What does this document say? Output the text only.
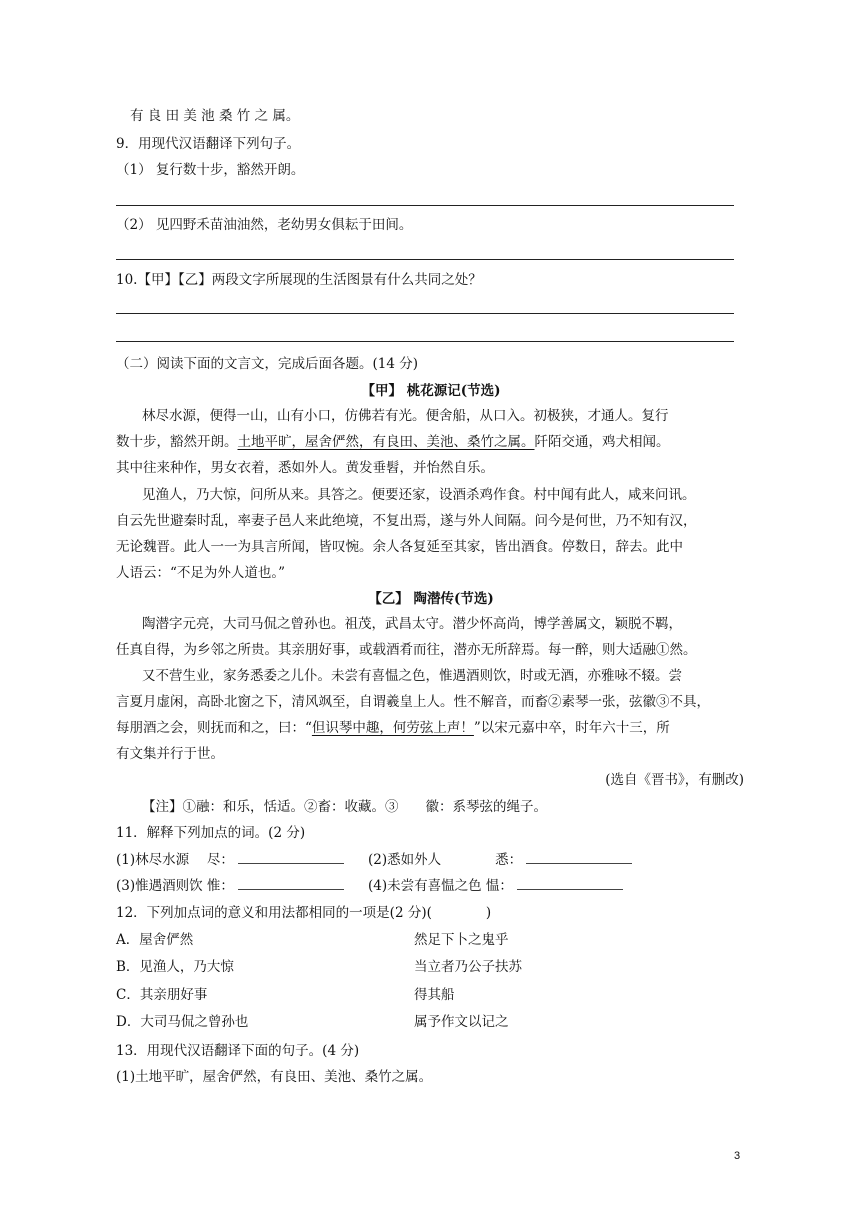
有 良 田 美 池 桑 竹 之 属。
9．用现代汉语翻译下列句子。
（1） 复行数十步，豁然开朗。
（2） 见四野禾苗油油然，老幼男女俱耘于田间。
10.【甲】【乙】两段文字所展现的生活图景有什么共同之处？
（二）阅读下面的文言文，完成后面各题。(14 分)
【甲】 桃花源记(节选)
林尽水源，便得一山，山有小口，仿佛若有光。便舍船，从口入。初极狭，才通人。复行
数十步，豁然开朗。土地平旷，屋舍俨然，有良田、美池、桑竹之属。阡陌交通，鸡犬相闻。
其中往来种作，男女衣着，悉如外人。黄发垂髫，并怡然自乐。
见渔人，乃大惊，问所从来。具答之。便要还家，设酒杀鸡作食。村中闻有此人，咸来问讯。
自云先世避秦时乱，率妻子邑人来此绝境，不复出焉，遂与外人间隔。问今是何世，乃不知有汉，
无论魏晋。此人一一为具言所闻，皆叹惋。余人各复延至其家，皆出酒食。停数日，辞去。此中
人语云：“不足为外人道也。”
【乙】 陶潜传(节选)
陶潜字元亮，大司马侃之曾孙也。祖茂，武昌太守。潜少怀高尚，博学善属文，颖脱不羁，
任真自得，为乡邻之所贵。其亲朋好事，或载酒肴而往，潜亦无所辞焉。每一醉，则大适融①然。
又不营生业，家务悉委之儿仆。未尝有喜愠之色，惟遇酒则饮，时或无酒，亦雅咏不辍。尝
言夏月虚闲，高卧北窗之下，清风飒至，自谓羲皇上人。性不解音，而畜②素琴一张，弦徽③不具，
每朋酒之会，则抚而和之，曰：“但识琴中趣，何劳弦上声！”以宋元嘉中卒，时年六十三，所
有文集并行于世。
(选自《晋书》，有删改)
【注】①融：和乐，恬适。②畜：收藏。③　　徽：系琴弦的绳子。
11．解释下列加点的词。(2 分)
(1)林尽水源　 尽：	(2)悉如外人　　　　悉：
(3)惟遇酒则饮 惟：	(4)未尝有喜愠之色 愠：
12．下列加点词的意义和用法都相同的一项是(2 分)(　　　　)
A．屋舍俨然	然足下卜之鬼乎
B．见渔人，乃大惊	当立者乃公子扶苏
C．其亲朋好事	得其船
D．大司马侃之曾孙也	属予作文以记之
13．用现代汉语翻译下面的句子。(4 分)
(1)土地平旷，屋舍俨然，有良田、美池、桑竹之属。
3
